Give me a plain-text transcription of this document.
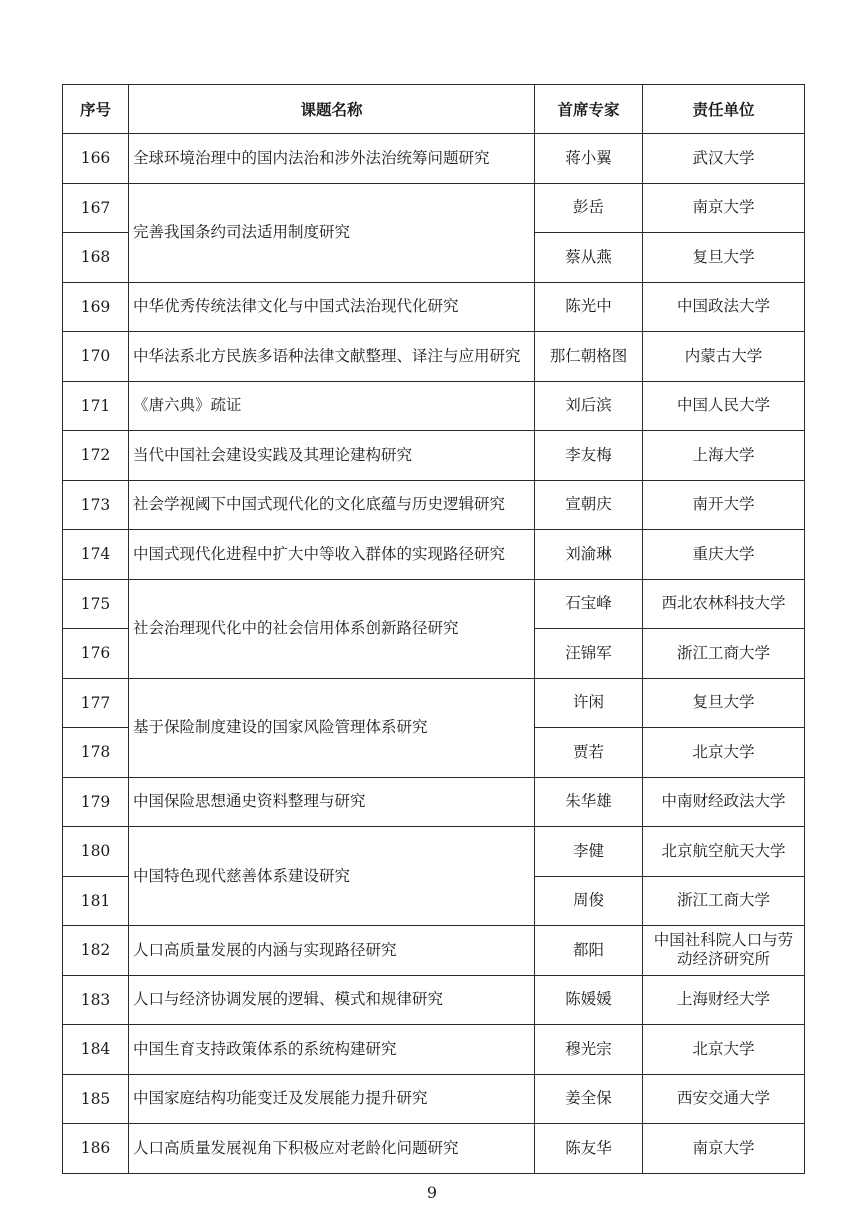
序号	课题名称	首席专家	责任单位
166	全球环境治理中的国内法治和涉外法治统筹问题研究	蒋小翼	武汉大学
167	完善我国条约司法适用制度研究	彭岳	南京大学
168		蔡从燕	复旦大学
169	中华优秀传统法律文化与中国式法治现代化研究	陈光中	中国政法大学
170	中华法系北方民族多语种法律文献整理、译注与应用研究	那仁朝格图	内蒙古大学
171	《唐六典》疏证	刘后滨	中国人民大学
172	当代中国社会建设实践及其理论建构研究	李友梅	上海大学
173	社会学视阈下中国式现代化的文化底蕴与历史逻辑研究	宣朝庆	南开大学
174	中国式现代化进程中扩大中等收入群体的实现路径研究	刘渝琳	重庆大学
175	社会治理现代化中的社会信用体系创新路径研究	石宝峰	西北农林科技大学
176		汪锦军	浙江工商大学
177	基于保险制度建设的国家风险管理体系研究	许闲	复旦大学
178		贾若	北京大学
179	中国保险思想通史资料整理与研究	朱华雄	中南财经政法大学
180	中国特色现代慈善体系建设研究	李健	北京航空航天大学
181		周俊	浙江工商大学
182	人口高质量发展的内涵与实现路径研究	都阳	中国社科院人口与劳动经济研究所
183	人口与经济协调发展的逻辑、模式和规律研究	陈媛媛	上海财经大学
184	中国生育支持政策体系的系统构建研究	穆光宗	北京大学
185	中国家庭结构功能变迁及发展能力提升研究	姜全保	西安交通大学
186	人口高质量发展视角下积极应对老龄化问题研究	陈友华	南京大学
9
